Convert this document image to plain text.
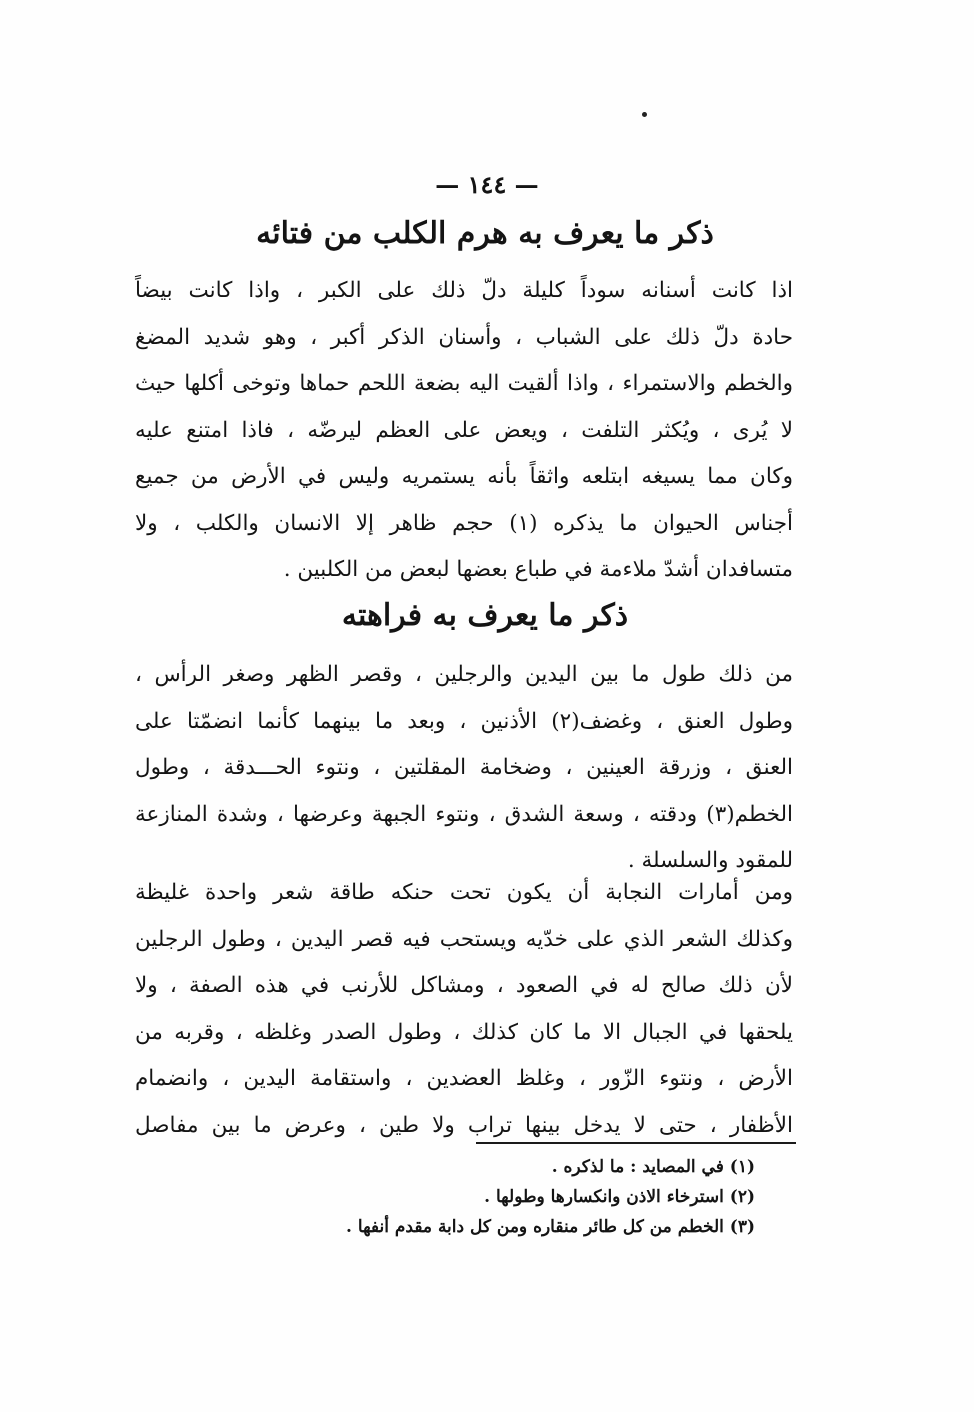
— ١٤٤ —
ذكر ما يعرف به هرم الكلب من فتائه
اذا كانت أسنانه سوداً كليلة دلّ ذلك على الكبر ، واذا كانت بيضاً
حادة دلّ ذلك على الشباب ، وأسنان الذكر أكبر ، وهو شديد المضغ
والخطم والاستمراء ، واذا ألقيت اليه بضعة اللحم حماها وتوخى أكلها حيث
لا يُرى ، ويُكثر التلفت ، ويعض على العظم ليرضّه ، فاذا امتنع عليه
وكان مما يسيغه ابتلعه واثقاً بأنه يستمريه وليس في الأرض من جميع
أجناس الحيوان ما يذكره (١) حجم ظاهر إلا الانسان والكلب ، ولا
متسافدان أشدّ ملاءمة في طباع بعضها لبعض من الكلبين .
ذكر ما يعرف به فراهته
من ذلك طول ما بين اليدين والرجلين ، وقصر الظهر وصغر الرأس ،
وطول العنق ، وغضف(٢) الأذنين ، وبعد ما بينهما كأنما انضمّتا على
العنق ، وزرقة العينين ، وضخامة المقلتين ، ونتوء الحـــدقة ، وطول
الخطم(٣) ودقته ، وسعة الشدق ، ونتوء الجبهة وعرضها ، وشدة المنازعة
للمقود والسلسلة .
ومن أمارات النجابة أن يكون تحت حنكه طاقة شعر واحدة غليظة
وكذلك الشعر الذي على خدّيه ويستحب فيه قصر اليدين ، وطول الرجلين
لأن ذلك صالح له في الصعود ، ومشاكل للأرنب في هذه الصفة ، ولا
يلحقها في الجبال الا ما كان كذلك ، وطول الصدر وغلظه ، وقربه من
الأرض ، ونتوء الزّور ، وغلظ العضدين ، واستقامة اليدين ، وانضمام
الأظفار ، حتى لا يدخل بينها تراب ولا طين ، وعرض ما بين مفاصل
(١) في المصايد : ما لذكره .
(٢) استرخاء الاذن وانكسارها وطولها .
(٣) الخطم من كل طائر منقاره ومن كل دابة مقدم أنفها .
